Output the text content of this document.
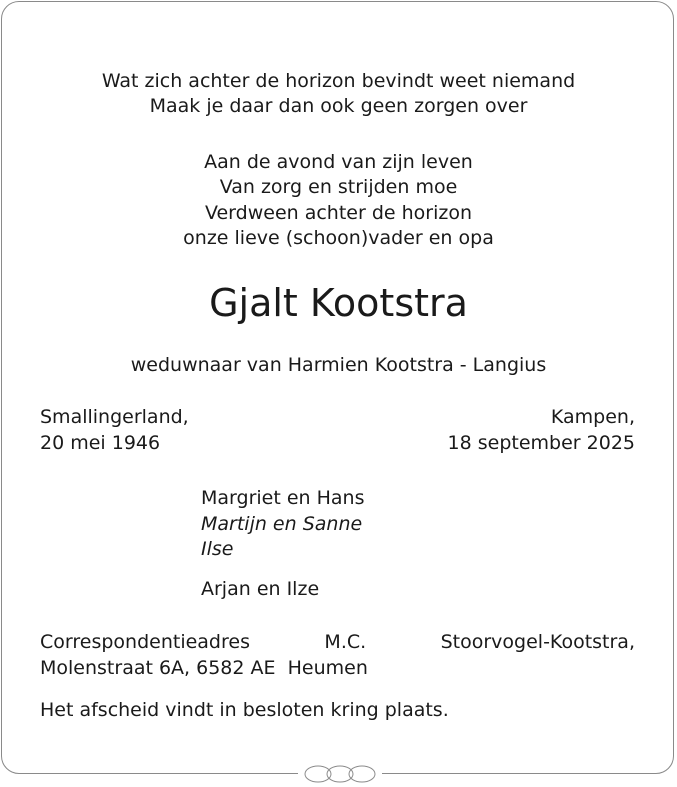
Wat zich achter de horizon bevindt weet niemand
Maak je daar dan ook geen zorgen over
Aan de avond van zijn leven
Van zorg en strijden moe
Verdween achter de horizon
onze lieve (schoon)vader en opa
Gjalt Kootstra
weduwnaar van Harmien Kootstra - Langius
Smallingerland,
20 mei 1946
Kampen,
18 september 2025
Margriet en Hans
Martijn en Sanne
Ilse
Arjan en Ilze
Correspondentieadres	M.C.	Stoorvogel-Kootstra,
Molenstraat 6A, 6582 AE  Heumen
Het afscheid vindt in besloten kring plaats.
